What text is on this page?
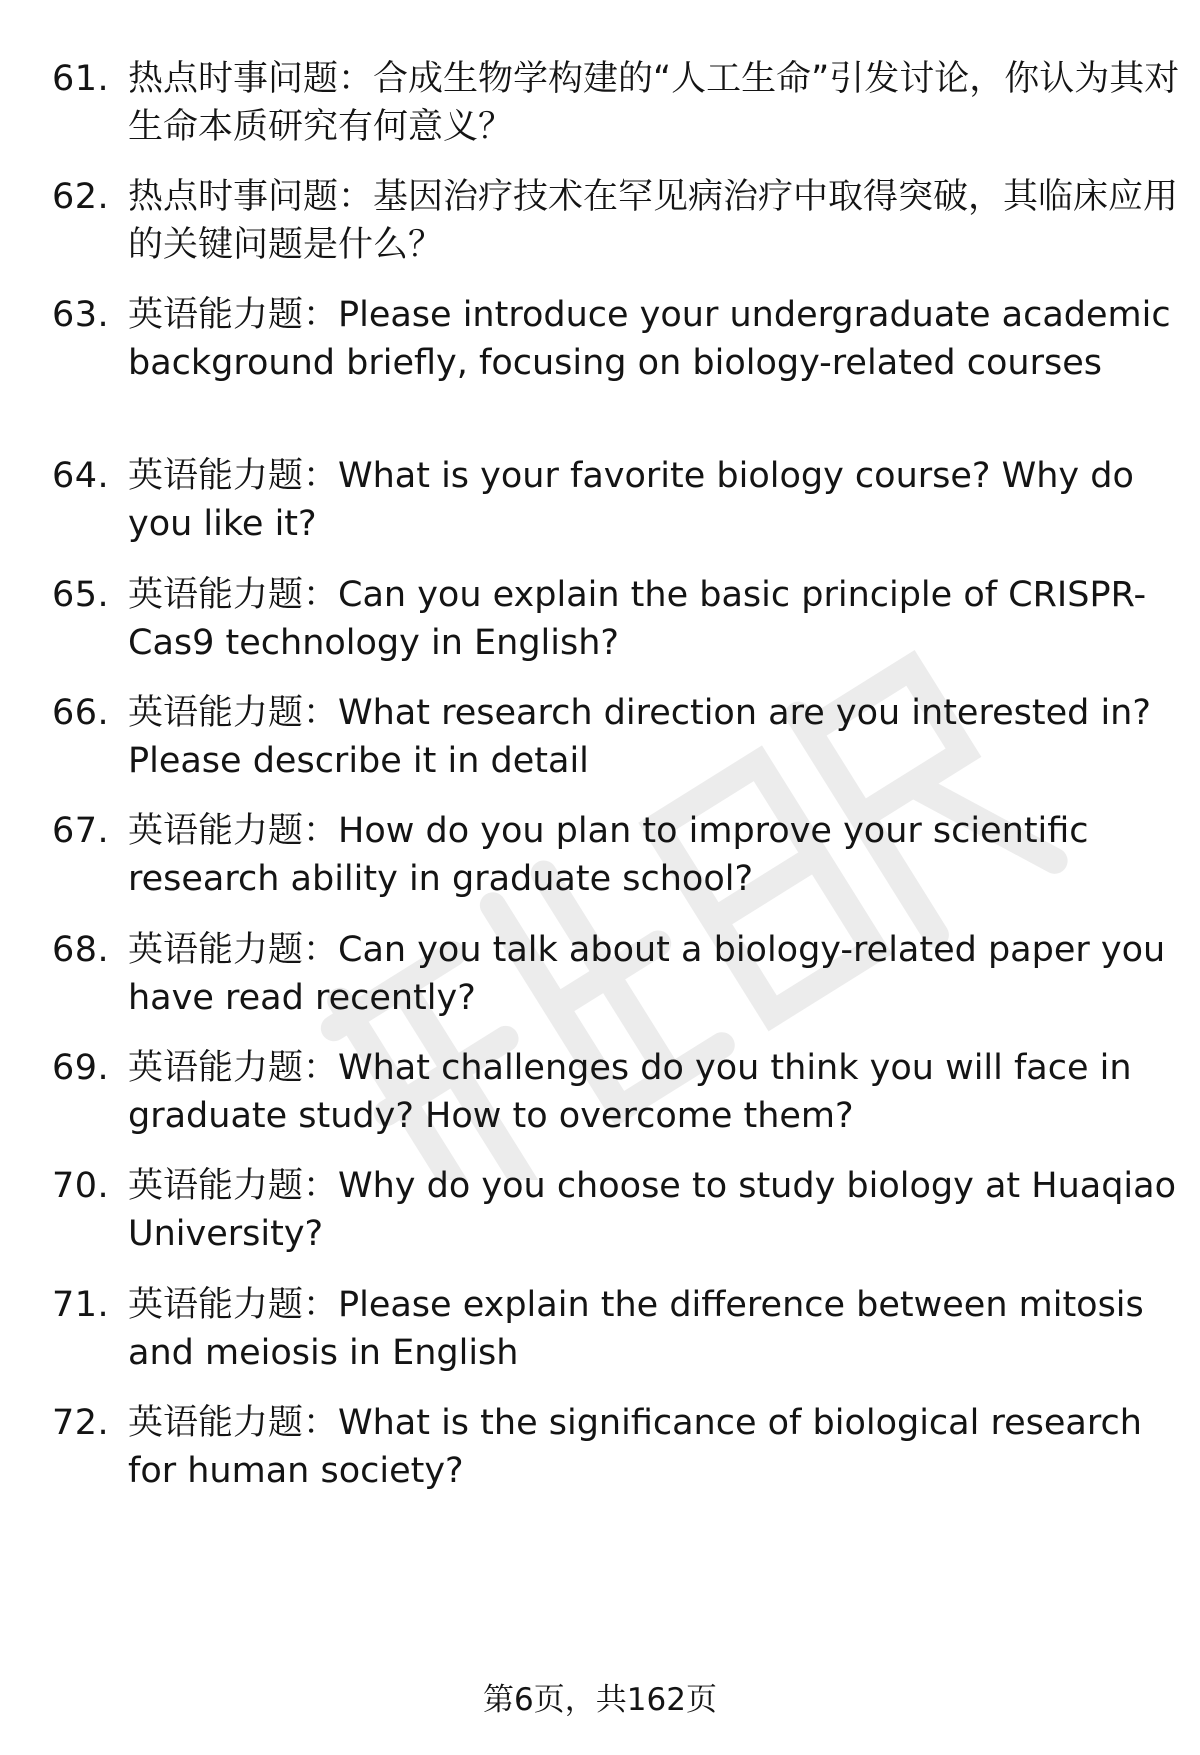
61. 热点时事问题：合成生物学构建的“人工生命”引发讨论，你认为其对生命本质研究有何意义？
62. 热点时事问题：基因治疗技术在罕见病治疗中取得突破，其临床应用的关键问题是什么？
63. 英语能力题：Please introduce your undergraduate academic background briefly, focusing on biology-related courses
64. 英语能力题：What is your favorite biology course? Why do you like it?
65. 英语能力题：Can you explain the basic principle of CRISPR-Cas9 technology in English?
66. 英语能力题：What research direction are you interested in? Please describe it in detail
67. 英语能力题：How do you plan to improve your scientific research ability in graduate school?
68. 英语能力题：Can you talk about a biology-related paper you have read recently?
69. 英语能力题：What challenges do you think you will face in graduate study? How to overcome them?
70. 英语能力题：Why do you choose to study biology at Huaqiao University?
71. 英语能力题：Please explain the difference between mitosis and meiosis in English
72. 英语能力题：What is the significance of biological research for human society?
第6页，共162页
